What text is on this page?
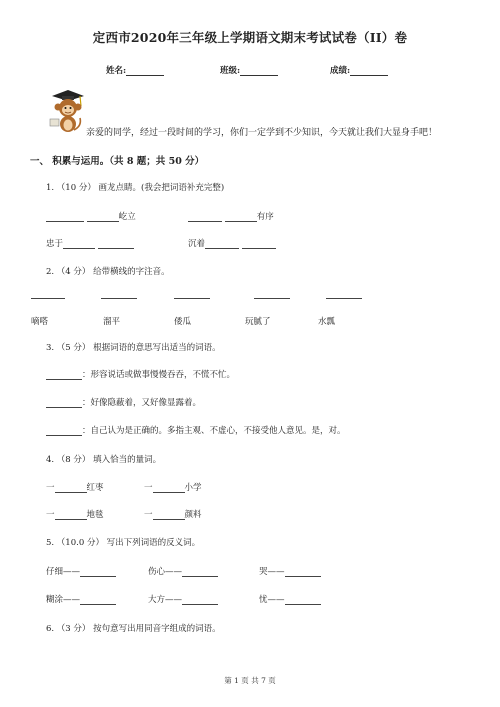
定西市2020年三年级上学期语文期末考试试卷（II）卷
姓名:	班级:	成绩:
亲爱的同学，经过一段时间的学习，你们一定学到不少知识，今天就让我们大显身手吧！
一、 积累与运用。（共 8 题；共 50 分）
1. （10 分） 画龙点睛。(我会把词语补充完整)
屹立	有序
忠于	沉着
2. （4 分） 给带横线的字注音。
嘀嗒	溜平	倭瓜	玩腻了	水瓢
3. （5 分） 根据词语的意思写出适当的词语。
：形容说话或做事慢慢吞吞，不慌不忙。
：好像隐蔽着，又好像显露着。
：自己认为是正确的。多指主观、不虚心，不接受他人意见。是，对。
4. （8 分） 填入恰当的量词。
一	红枣	一	小学
一	地毯	一	颜料
5. （10.0 分） 写出下列词语的反义词。
仔细——	伤心——	哭——
糊涂——	大方——	忧——
6. （3 分） 按句意写出用同音字组成的词语。
第 1 页 共 7 页
